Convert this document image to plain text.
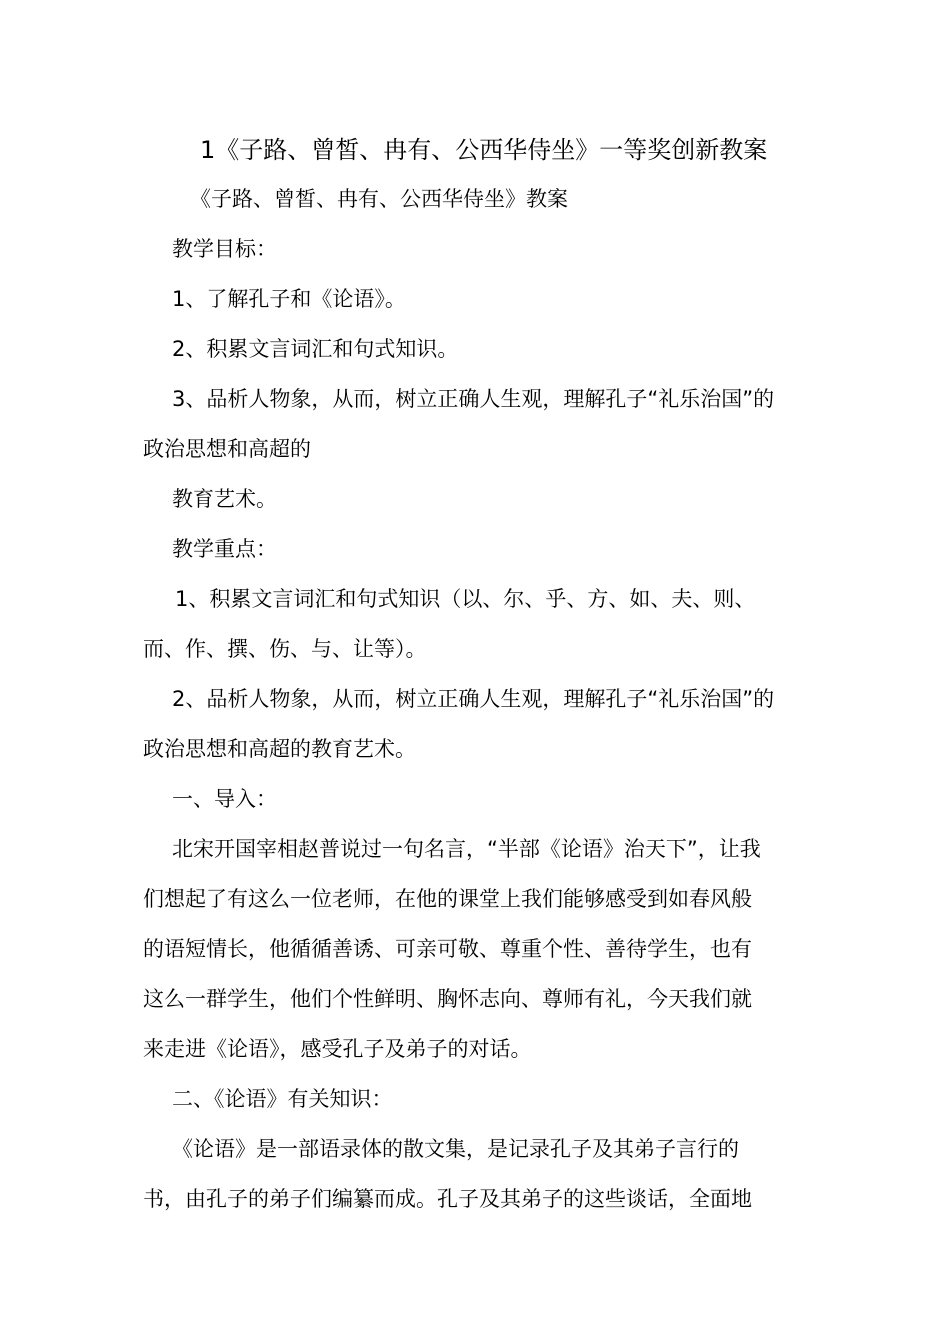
1《子路、曾皙、冉有、公西华侍坐》一等奖创新教案
《子路、曾皙、冉有、公西华侍坐》教案
教学目标：
1、了解孔子和《论语》。
2、积累文言词汇和句式知识。
3、品析人物象，从而，树立正确人生观，理解孔子“礼乐治国”的
政治思想和高超的
教育艺术。
教学重点：
1、积累文言词汇和句式知识（以、尔、乎、方、如、夫、则、
而、作、撰、伤、与、让等）。
2、品析人物象，从而，树立正确人生观，理解孔子“礼乐治国”的
政治思想和高超的教育艺术。
一、导入：
北宋开国宰相赵普说过一句名言，“半部《论语》治天下”，让我
们想起了有这么一位老师，在他的课堂上我们能够感受到如春风般
的语短情长，他循循善诱、可亲可敬、尊重个性、善待学生，也有
这么一群学生，他们个性鲜明、胸怀志向、尊师有礼，今天我们就
来走进《论语》，感受孔子及弟子的对话。
二、《论语》有关知识：
《论语》是一部语录体的散文集，是记录孔子及其弟子言行的
书，由孔子的弟子们编纂而成。孔子及其弟子的这些谈话，全面地
